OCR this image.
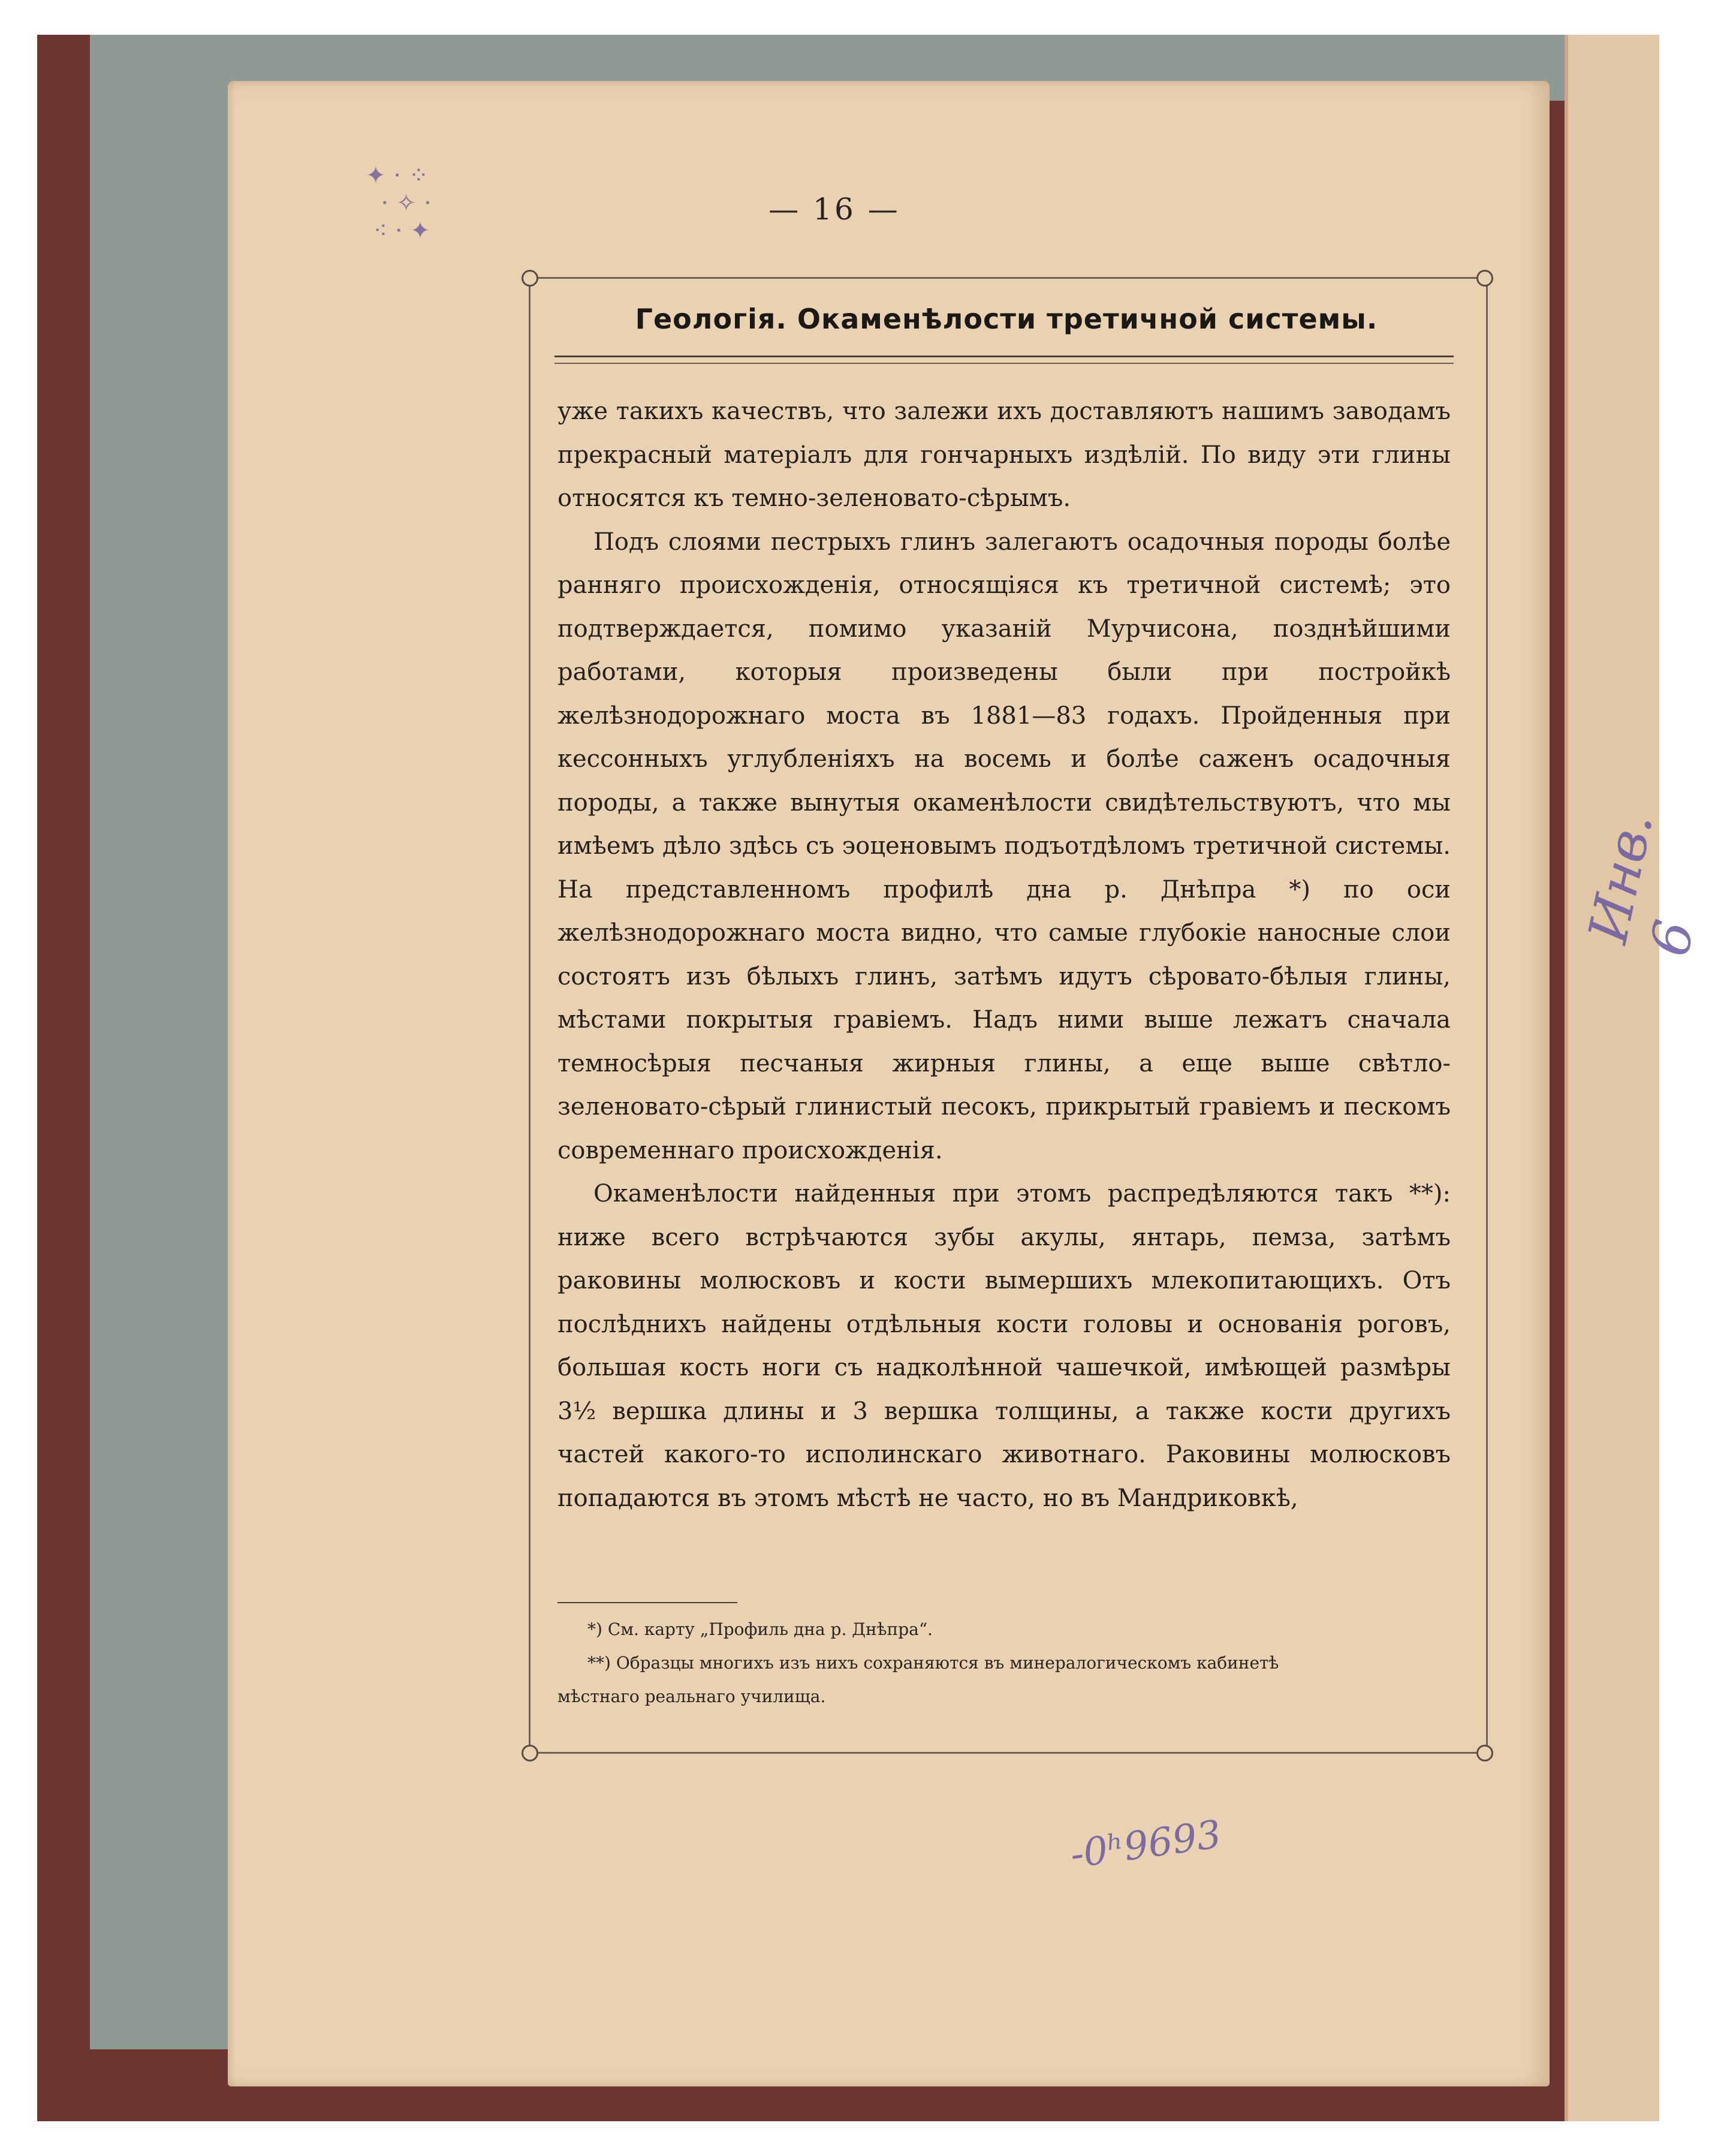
Инв. 6
✦ · ⁘
· ✧ ·
⁖ · ✦
— 16 —
Геологія. Окаменѣлости третичной системы.

уже такихъ качествъ, что залежи ихъ доставляютъ нашимъ заводамъ прекрасный матеріалъ для гончарныхъ издѣлій. По виду эти глины относятся къ темно-зеленовато-сѣрымъ.

Подъ слоями пестрыхъ глинъ залегаютъ осадочныя породы болѣе ранняго происхожденія, относящіяся къ третичной системѣ; это подтверждается, помимо указаній Мурчисона, позднѣйшими работами, которыя произведены были при постройкѣ желѣзнодорожнаго моста въ 1881—83 годахъ. Пройденныя при кессонныхъ углубленіяхъ на восемь и болѣе саженъ осадочныя породы, а также вынутыя окаменѣлости свидѣтельствуютъ, что мы имѣемъ дѣло здѣсь съ эоценовымъ подъотдѣломъ третичной системы. На представленномъ профилѣ дна р. Днѣпра *) по оси желѣзнодорожнаго моста видно, что самые глубокіе наносные слои состоятъ изъ бѣлыхъ глинъ, затѣмъ идутъ сѣровато-бѣлыя глины, мѣстами покрытыя гравіемъ. Надъ ними выше лежатъ сначала темносѣрыя песчаныя жирныя глины, а еще выше свѣтло-зеленовато-сѣрый глинистый песокъ, прикрытый гравіемъ и пескомъ современнаго происхожденія.

Окаменѣлости найденныя при этомъ распредѣляются такъ **): ниже всего встрѣчаются зубы акулы, янтарь, пемза, затѣмъ раковины молюсковъ и кости вымершихъ млекопитающихъ. Отъ послѣднихъ найдены отдѣльныя кости головы и основанія роговъ, большая кость ноги съ надколѣнной чашечкой, имѣющей размѣры 3½ вершка длины и 3 вершка толщины, а также кости другихъ частей какого-то исполинскаго животнаго. Раковины молюсковъ попадаются въ этомъ мѣстѣ не часто, но въ Мандриковкѣ,

*) См. карту „Профиль дна р. Днѣпра“.
**) Образцы многихъ изъ нихъ сохраняются въ минералогическомъ кабинетѣ
мѣстнаго реальнаго училища.
-0ʰ9693
